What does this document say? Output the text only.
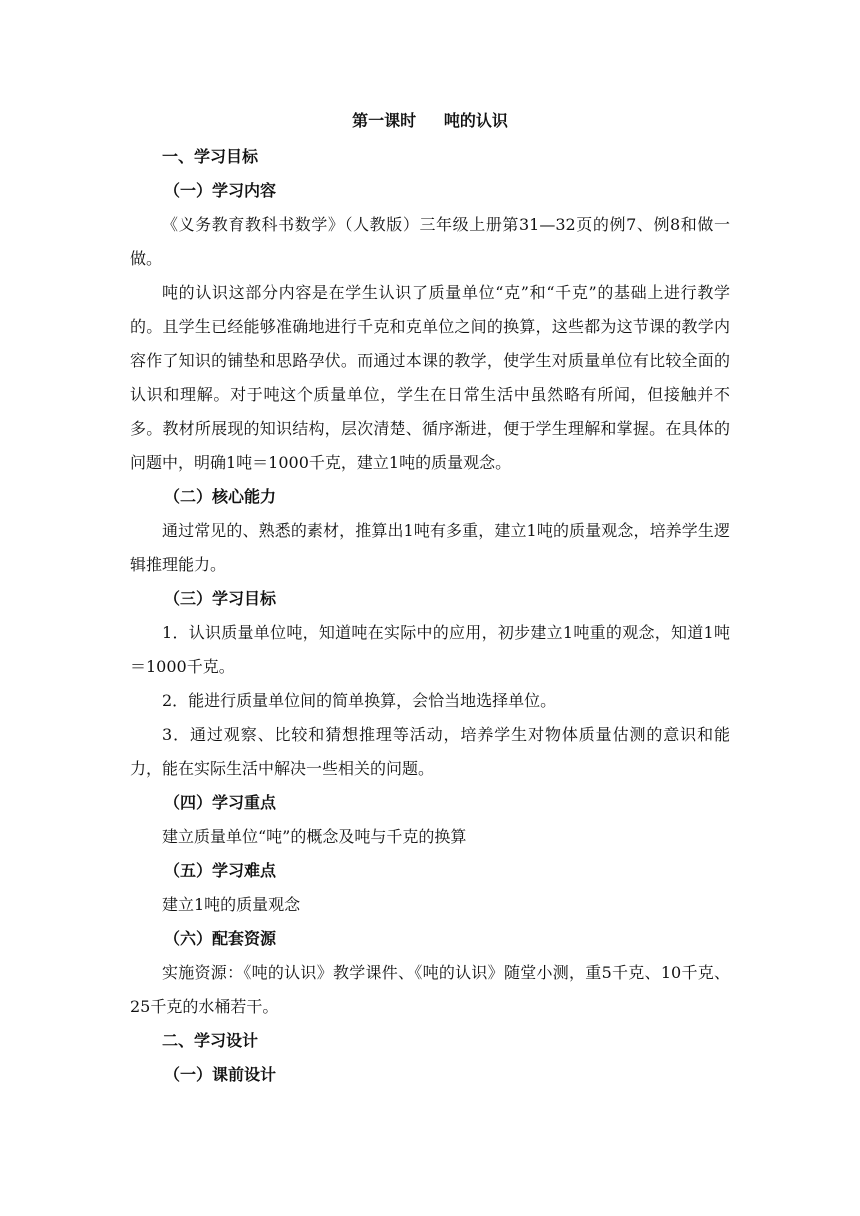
第一课时     吨的认识
一、学习目标
（一）学习内容

《义务教育教科书数学》（人教版）三年级上册第31—32页的例7、例8和做一做。

吨的认识这部分内容是在学生认识了质量单位“克”和“千克”的基础上进行教学的。且学生已经能够准确地进行千克和克单位之间的换算，这些都为这节课的教学内容作了知识的铺垫和思路孕伏。而通过本课的教学，使学生对质量单位有比较全面的认识和理解。对于吨这个质量单位，学生在日常生活中虽然略有所闻，但接触并不多。教材所展现的知识结构，层次清楚、循序渐进，便于学生理解和掌握。在具体的问题中，明确1吨＝1000千克，建立1吨的质量观念。

（二）核心能力

通过常见的、熟悉的素材，推算出1吨有多重，建立1吨的质量观念，培养学生逻辑推理能力。

（三）学习目标

1．认识质量单位吨，知道吨在实际中的应用，初步建立1吨重的观念，知道1吨＝1000千克。

2．能进行质量单位间的简单换算，会恰当地选择单位。

3．通过观察、比较和猜想推理等活动，培养学生对物体质量估测的意识和能力，能在实际生活中解决一些相关的问题。

（四）学习重点

建立质量单位“吨”的概念及吨与千克的换算

（五）学习难点

建立1吨的质量观念

（六）配套资源

实施资源：《吨的认识》教学课件、《吨的认识》随堂小测，重5千克、10千克、25千克的水桶若干。

二、学习设计
（一）课前设计
